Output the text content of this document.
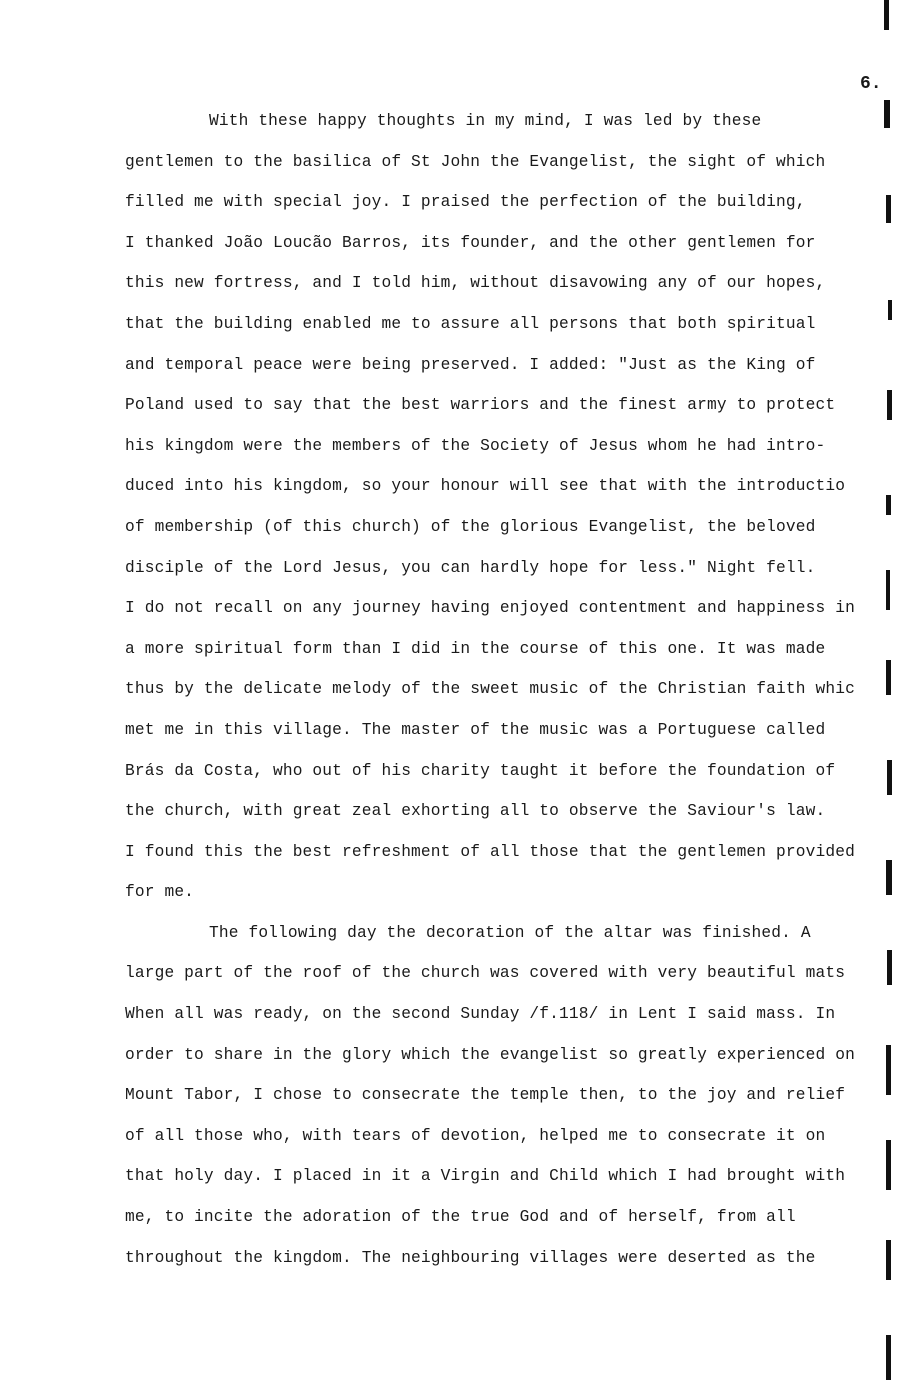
6.
With these happy thoughts in my mind, I was led by these
gentlemen to the basilica of St John the Evangelist, the sight of which
filled me with special joy. I praised the perfection of the building,
I thanked João Loucão Barros, its founder, and the other gentlemen for
this new fortress, and I told him, without disavowing any of our hopes,
that the building enabled me to assure all persons that both spiritual
and temporal peace were being preserved. I added: "Just as the King of
Poland used to say that the best warriors and the finest army to protect
his kingdom were the members of the Society of Jesus whom he had intro-
duced into his kingdom, so your honour will see that with the introductio
of membership (of this church) of the glorious Evangelist, the beloved
disciple of the Lord Jesus, you can hardly hope for less." Night fell.
I do not recall on any journey having enjoyed contentment and happiness in
a more spiritual form than I did in the course of this one. It was made
thus by the delicate melody of the sweet music of the Christian faith whic
met me in this village. The master of the music was a Portuguese called
Brás da Costa, who out of his charity taught it before the foundation of
the church, with great zeal exhorting all to observe the Saviour's law.
I found this the best refreshment of all those that the gentlemen provided
for me.
The following day the decoration of the altar was finished. A
large part of the roof of the church was covered with very beautiful mats
When all was ready, on the second Sunday /f.118/ in Lent I said mass. In
order to share in the glory which the evangelist so greatly experienced on
Mount Tabor, I chose to consecrate the temple then, to the joy and relief
of all those who, with tears of devotion, helped me to consecrate it on
that holy day. I placed in it a Virgin and Child which I had brought with
me, to incite the adoration of the true God and of herself, from all
throughout the kingdom. The neighbouring villages were deserted as the
